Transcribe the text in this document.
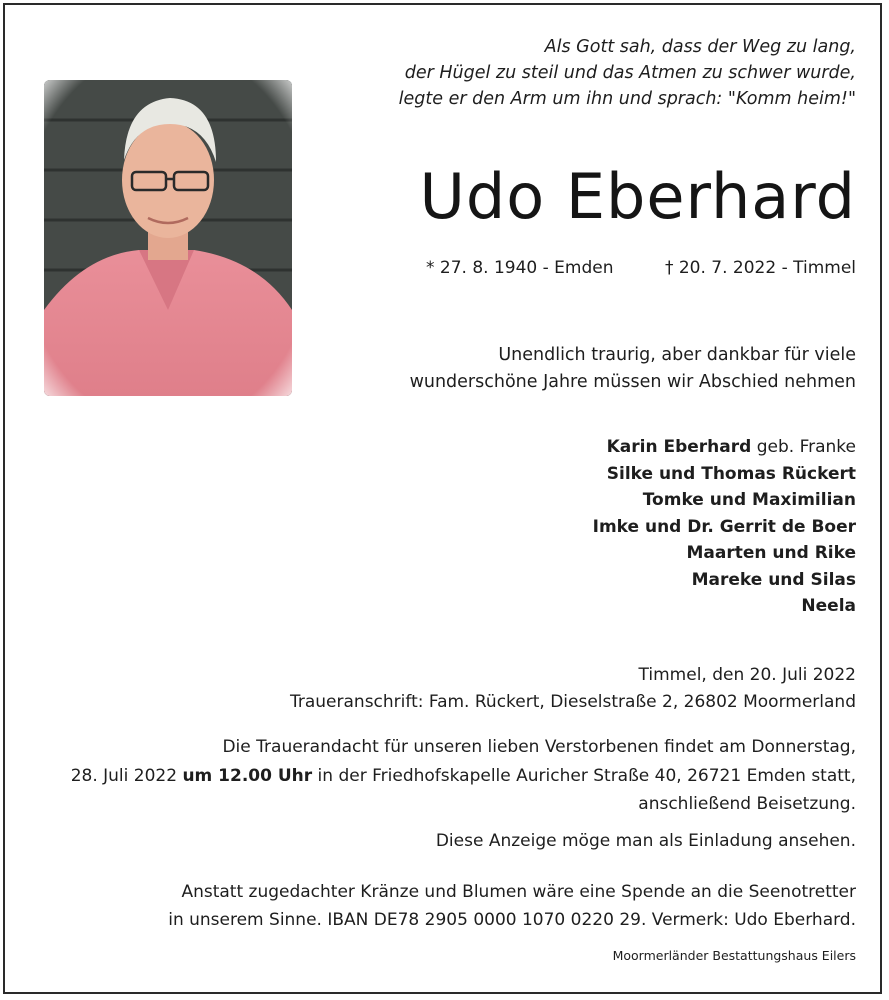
Als Gott sah, dass der Weg zu lang,
der Hügel zu steil und das Atmen zu schwer wurde,
legte er den Arm um ihn und sprach: "Komm heim!"
Udo Eberhard
* 27. 8. 1940 - Emden	† 20. 7. 2022 - Timmel
Unendlich traurig, aber dankbar für viele
wunderschöne Jahre müssen wir Abschied nehmen
Karin Eberhard geb. Franke
Silke und Thomas Rückert
Tomke und Maximilian
Imke und Dr. Gerrit de Boer
Maarten und Rike
Mareke und Silas
Neela
Timmel, den 20. Juli 2022
Traueranschrift: Fam. Rückert, Dieselstraße 2, 26802 Moormerland
Die Trauerandacht für unseren lieben Verstorbenen findet am Donnerstag,
28. Juli 2022 um 12.00 Uhr in der Friedhofskapelle Auricher Straße 40, 26721 Emden statt,
anschließend Beisetzung.
Diese Anzeige möge man als Einladung ansehen.
Anstatt zugedachter Kränze und Blumen wäre eine Spende an die Seenotretter
in unserem Sinne. IBAN DE78 2905 0000 1070 0220 29. Vermerk: Udo Eberhard.
Moormerländer Bestattungshaus Eilers
